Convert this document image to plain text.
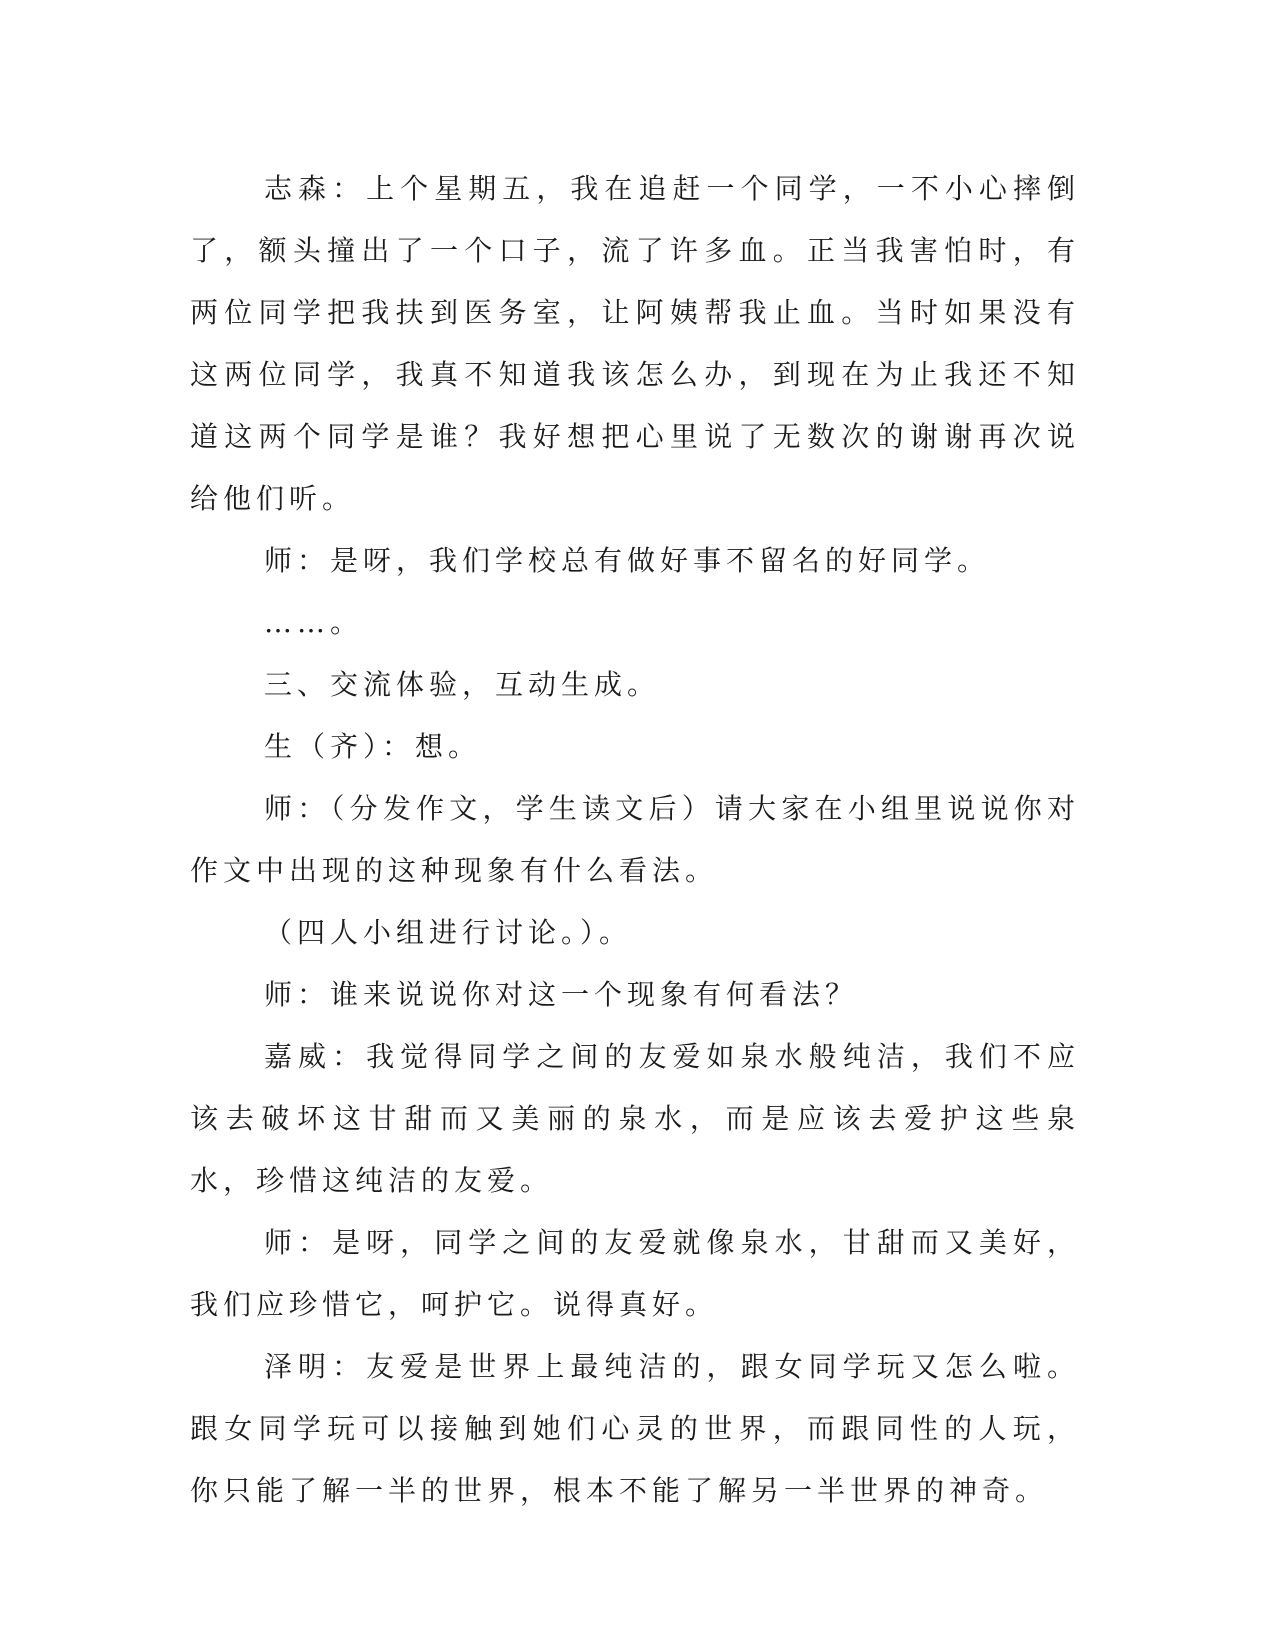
志森：上个星期五，我在追赶一个同学，一不小心摔倒了，额头撞出了一个口子，流了许多血。正当我害怕时，有两位同学把我扶到医务室，让阿姨帮我止血。当时如果没有这两位同学，我真不知道我该怎么办，到现在为止我还不知道这两个同学是谁？我好想把心里说了无数次的谢谢再次说给他们听。

师：是呀，我们学校总有做好事不留名的好同学。

……。

三、交流体验，互动生成。

生（齐）：想。

师：（分发作文，学生读文后）请大家在小组里说说你对作文中出现的这种现象有什么看法。

（四人小组进行讨论。）。

师：谁来说说你对这一个现象有何看法？

嘉威：我觉得同学之间的友爱如泉水般纯洁，我们不应该去破坏这甘甜而又美丽的泉水，而是应该去爱护这些泉水，珍惜这纯洁的友爱。

师：是呀，同学之间的友爱就像泉水，甘甜而又美好，我们应珍惜它，呵护它。说得真好。

泽明：友爱是世界上最纯洁的，跟女同学玩又怎么啦。跟女同学玩可以接触到她们心灵的世界，而跟同性的人玩，你只能了解一半的世界，根本不能了解另一半世界的神奇。
